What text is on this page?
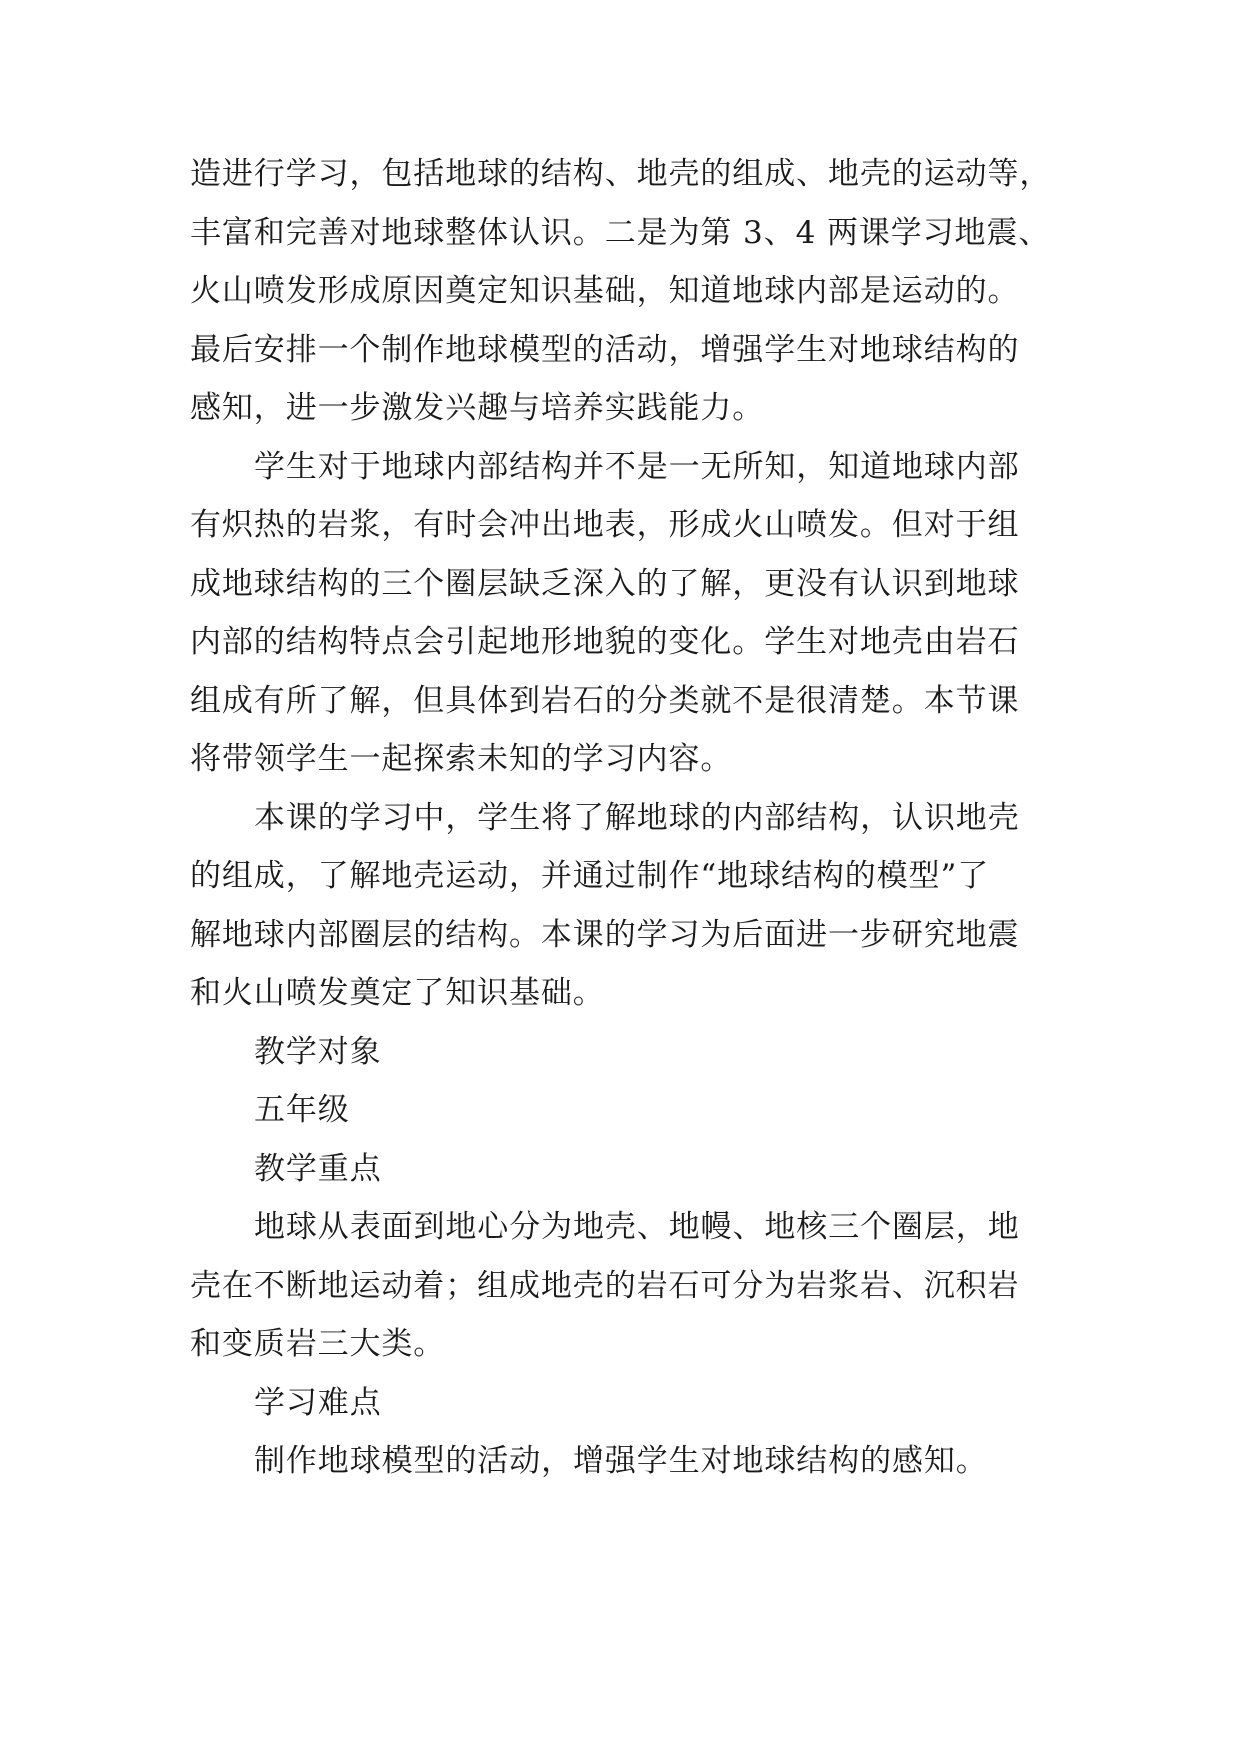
造进行学习，包括地球的结构、地壳的组成、地壳的运动等，
丰富和完善对地球整体认识。二是为第 3、4 两课学习地震、
火山喷发形成原因奠定知识基础，知道地球内部是运动的。
最后安排一个制作地球模型的活动，增强学生对地球结构的
感知，进一步激发兴趣与培养实践能力。
学生对于地球内部结构并不是一无所知，知道地球内部
有炽热的岩浆，有时会冲出地表，形成火山喷发。但对于组
成地球结构的三个圈层缺乏深入的了解，更没有认识到地球
内部的结构特点会引起地形地貌的变化。学生对地壳由岩石
组成有所了解，但具体到岩石的分类就不是很清楚。本节课
将带领学生一起探索未知的学习内容。
本课的学习中，学生将了解地球的内部结构，认识地壳
的组成，了解地壳运动，并通过制作“地球结构的模型”了
解地球内部圈层的结构。本课的学习为后面进一步研究地震
和火山喷发奠定了知识基础。
教学对象
五年级
教学重点
地球从表面到地心分为地壳、地幔、地核三个圈层，地
壳在不断地运动着；组成地壳的岩石可分为岩浆岩、沉积岩
和变质岩三大类。
学习难点
制作地球模型的活动，增强学生对地球结构的感知。
